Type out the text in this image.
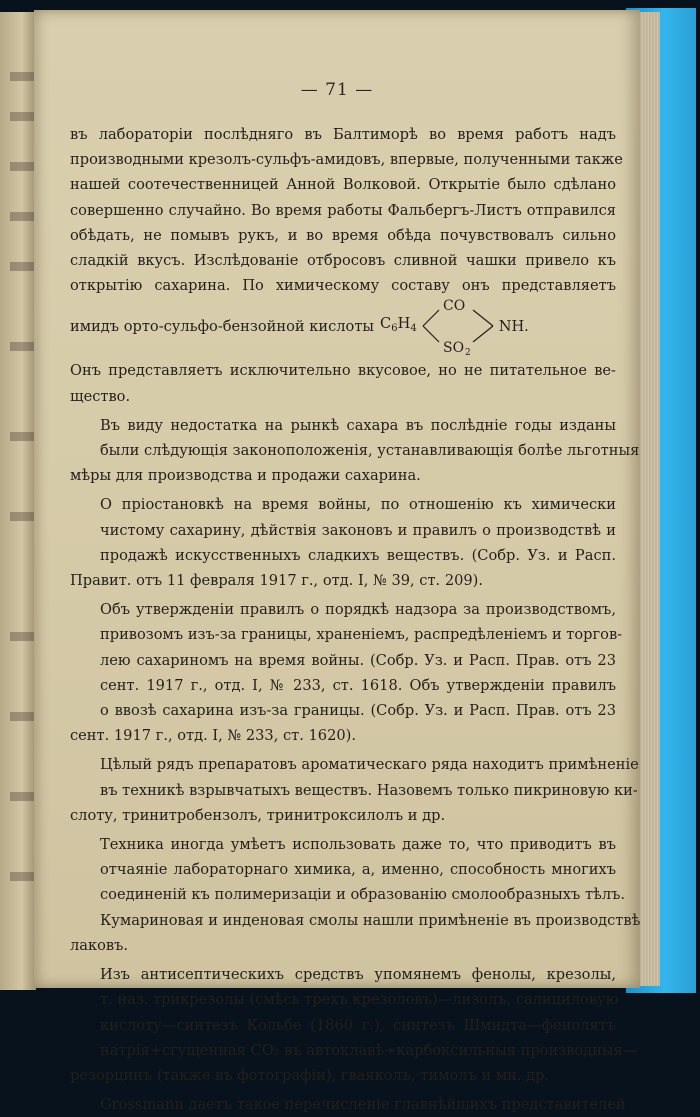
— 71 —

въ лабораторіи послѣдняго въ Балтиморѣ во время работъ надъ
производными крезолъ-сульфъ-амидовъ, впервые, полученными также
нашей соотечественницей Анной Волковой. Открытіе было сдѣлано
совершенно случайно. Во время работы Фальбергъ-Листъ отправился
обѣдать, не помывъ рукъ, и во время обѣда почувствовалъ сильно
сладкій вкусъ. Изслѣдованіе отбросовъ сливной чашки привело къ
открытію сахарина. По химическому составу онъ представляетъ

имидъ орто-сульфо-бензойной кислоты $C_6H_4$
CO
SO 2
NH.

Онъ представляетъ исключительно вкусовое, но не питательное ве-
щество.

Въ виду недостатка на рынкѣ сахара въ послѣдніе годы изданы
были слѣдующія законоположенія, устанавливающія болѣе льготныя
мѣры для производства и продажи сахарина.

О пріостановкѣ на время войны, по отношенію къ химически
чистому сахарину, дѣйствія законовъ и правилъ о производствѣ и
продажѣ искусственныхъ сладкихъ веществъ. (Собр. Уз. и Расп.
Правит. отъ 11 февраля 1917 г., отд. I, № 39, ст. 209).

Объ утвержденіи правилъ о порядкѣ надзора за производствомъ,
привозомъ изъ-за границы, храненіемъ, распредѣленіемъ и торгов-
лею сахариномъ на время войны. (Собр. Уз. и Расп. Прав. отъ 23
сент. 1917 г., отд. I, № 233, ст. 1618. Объ утвержденіи правилъ
о ввозѣ сахарина изъ-за границы. (Собр. Уз. и Расп. Прав. отъ 23
сент. 1917 г., отд. I, № 233, ст. 1620).

Цѣлый рядъ препаратовъ ароматическаго ряда находитъ примѣненіе
въ техникѣ взрывчатыхъ веществъ. Назовемъ только пикриновую ки-
слоту, тринитробензолъ, тринитроксилолъ и др.

Техника иногда умѣетъ использовать даже то, что приводитъ въ
отчаяніе лабораторнаго химика, а, именно, способность многихъ
соединеній къ полимеризаціи и образованію смолообразныхъ тѣлъ.
Кумариновая и инденовая смолы нашли примѣненіе въ производствѣ
лаковъ.

Изъ антисептическихъ средствъ упомянемъ фенолы, крезолы,
т. наз. трикрезолы (смѣсь трехъ крезоловъ)—лизолъ, салициловую
кислоту—синтезъ Кольбе (1860 г.), синтезъ Шмидта—фенолятъ
натрія+сгущенная CO₂ въ автоклавѣ➛карбоксильныя производныя—
резорцинъ (также въ фотографіи), гваяколъ, тимолъ и мн. др.

Grossmann даетъ такое перечисленіе главнѣйшихъ представителей
